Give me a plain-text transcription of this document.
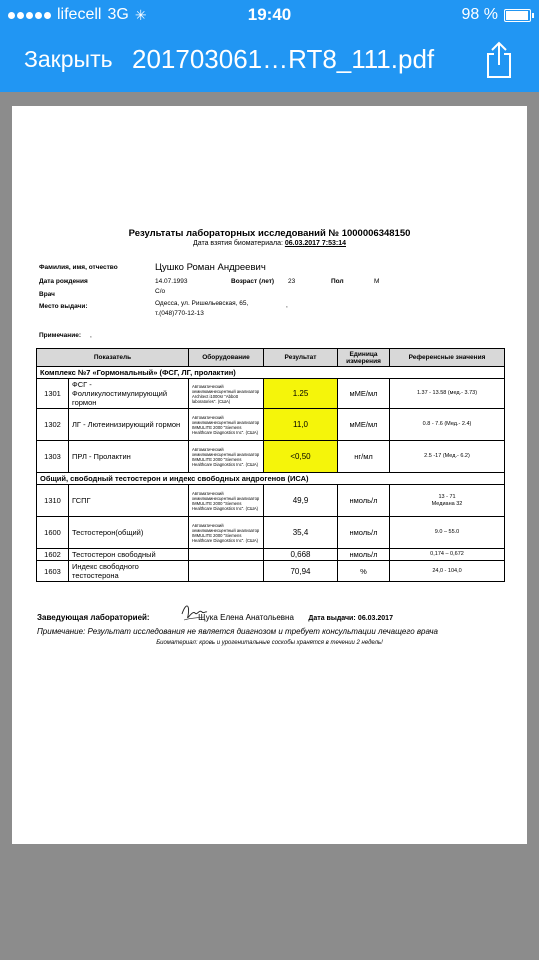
lifecell 3G ✳	19:40	98 %
Закрыть 201703061…RT8_111.pdf
Результаты лабораторных исследований № 1000006348150
Дата взятия биоматериала: 06.03.2017 7:53:14
Фамилия, имя, отчество	Цушко Роман Андреевич
Дата рождения	14.07.1993	Возраст (лет) 23	Пол	М
Врач	С/о
Место выдачи:	Одесса, ул. Ришельевская, 65,	,
т.(048)770-12-13
Примечание: ,
Показатель		Оборудование	Результат	Единица измерения	Референсные значения
Комплекс №7 «Гормональный» (ФСГ, ЛГ, пролактин)					
1301	ФСГ - Фолликулостимулирующий гормон	Автоматический хемилюминесцентный анализатор Architect i1000sr "Abbott laboratories". (США)	1.25	мМЕ/мл	1.37 - 13.58 (мед.- 3.73)
1302	ЛГ - Лютеинизирующий гормон	Автоматический хемилюминесцентный анализатор IMMULITE 2000 "Siemens Healthcare Diagnostics Inc". (США)	11,0	мМЕ/мл	0.8 - 7.6 (Мед.- 2.4)
1303	ПРЛ - Пролактин	Автоматический хемилюминесцентный анализатор IMMULITE 2000 "Siemens Healthcare Diagnostics Inc". (США)	<0,50	нг/мл	2.5 -17 (Мед.- 6.2)
Общий, свободный тестостерон и индекс свободных андрогенов (ИСА)					
1310	ГСПГ	Автоматический хемилюминесцентный анализатор IMMULITE 2000 "Siemens Healthcare Diagnostics Inc". (США)	49,9	нмоль/л	13 - 71
Медиана 32

1600	Тестостерон(общий)	Автоматический хемилюминесцентный анализатор IMMULITE 2000 "Siemens Healthcare Diagnostics Inc". (США)	35,4	нмоль/л	9.0 – 55.0
1602	Тестостерон свободный		0,668	нмоль/л	0,174 – 0,672
1603	Индекс свободного тестостерона		70,94	%	24,0 - 104,0
Заведующая лабораторией:	Щука Елена Анатольевна Дата выдачи: 06.03.2017
Примечание: Результат исследования не является диагнозом и требует консультации лечащего врача
Биоматериал: кровь и урогенитальные соскобы хранятся в течении 2 недель!
